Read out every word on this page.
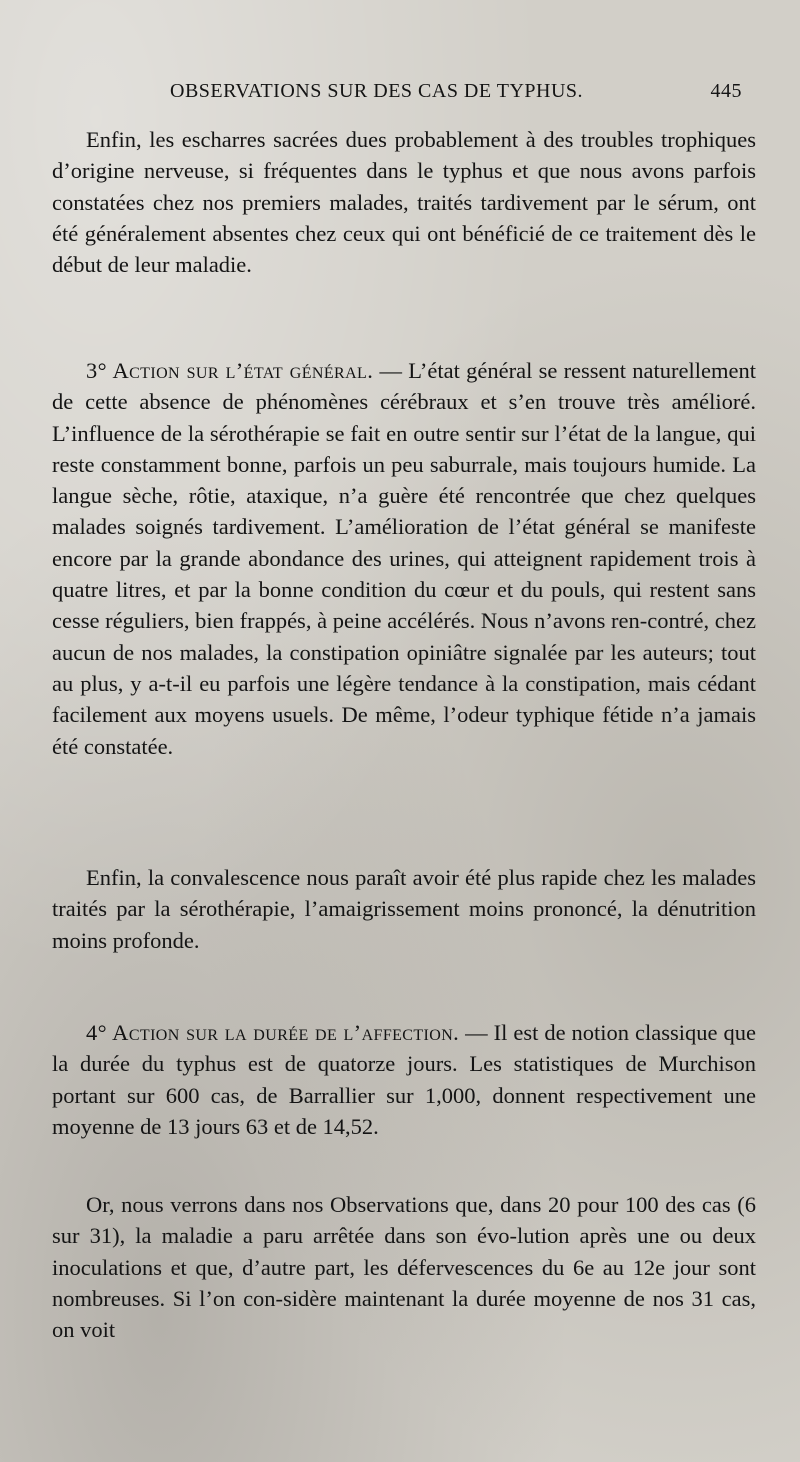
OBSERVATIONS SUR DES CAS DE TYPHUS.	445

Enfin, les escharres sacrées dues probablement à des troubles trophiques d’origine nerveuse, si fréquentes dans le typhus et que nous avons parfois constatées chez nos premiers malades, traités tardivement par le sérum, ont été généralement absentes chez ceux qui ont bénéficié de ce traitement dès le début de leur maladie.

3° Action sur l’état général. — L’état général se ressent naturellement de cette absence de phénomènes cérébraux et s’en trouve très amélioré. L’influence de la sérothérapie se fait en outre sentir sur l’état de la langue, qui reste constamment bonne, parfois un peu saburrale, mais toujours humide. La langue sèche, rôtie, ataxique, n’a guère été rencontrée que chez quelques malades soignés tardivement. L’amélioration de l’état général se manifeste encore par la grande abondance des urines, qui atteignent rapidement trois à quatre litres, et par la bonne condition du cœur et du pouls, qui restent sans cesse réguliers, bien frappés, à peine accélérés. Nous n’avons ren-contré, chez aucun de nos malades, la constipation opiniâtre signalée par les auteurs; tout au plus, y a-t-il eu parfois une légère tendance à la constipation, mais cédant facilement aux moyens usuels. De même, l’odeur typhique fétide n’a jamais été constatée.

Enfin, la convalescence nous paraît avoir été plus rapide chez les malades traités par la sérothérapie, l’amaigrissement moins prononcé, la dénutrition moins profonde.

4° Action sur la durée de l’affection. — Il est de notion classique que la durée du typhus est de quatorze jours. Les statistiques de Murchison portant sur 600 cas, de Barrallier sur 1,000, donnent respectivement une moyenne de 13 jours 63 et de 14,52.

Or, nous verrons dans nos Observations que, dans 20 pour 100 des cas (6 sur 31), la maladie a paru arrêtée dans son évo-lution après une ou deux inoculations et que, d’autre part, les défervescences du 6e au 12e jour sont nombreuses. Si l’on con-sidère maintenant la durée moyenne de nos 31 cas, on voit
